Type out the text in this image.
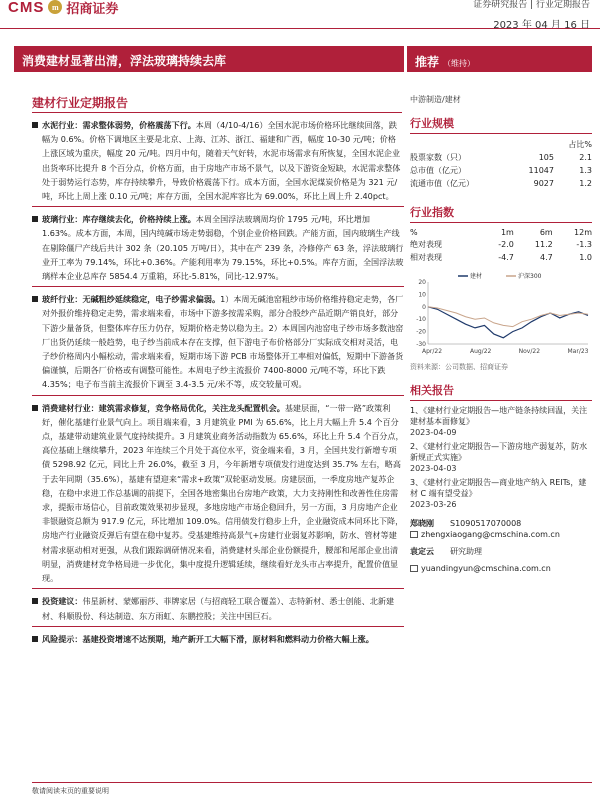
CMS m 招商证券	证券研究报告 | 行业定期报告
2023 年 04 月 16 日
消费建材显著出清，浮法玻璃持续去库	推荐 （维持）
建材行业定期报告
水泥行业：需求整体弱势，价格震荡下行。本周（4/10-4/16）全国水泥市场价格环比继续回落，跌幅为 0.6%。价格下调地区主要是北京、上海、江苏、浙江、福建和广西，幅度 10-30 元/吨；价格上涨区域为重庆，幅度 20 元/吨。四月中旬，随着天气好转，水泥市场需求有所恢复，全国水泥企业出货率环比提升 8 个百分点，价格方面，由于房地产市场不景气，以及下游资金短缺，水泥需求整体处于弱势运行态势，库存持续攀升，导致价格震荡下行。成本方面，全国水泥煤炭价格是为 321 元/吨，环比上周上涨 0.10 元/吨；库存方面，全国水泥库容比为 69.00%，环比上周上升 2.40pct。
玻璃行业：库存继续去化，价格持续上涨。本周全国浮法玻璃周均价 1795 元/吨，环比增加 1.63%。成本方面，本周，国内纯碱市场走势弱稳，个别企业价格回跌。产能方面，国内玻璃生产线在剔除僵尸产线后共计 302 条（20.105 万吨/日），其中在产 239 条，冷修停产 63 条，浮法玻璃行业开工率为 79.14%，环比+0.36%。产能利用率为 79.15%，环比+0.5%。库存方面，全国浮法玻璃样本企业总库存 5854.4 万重箱，环比-5.81%，同比-12.97%。
玻纤行业：无碱粗纱延续稳定，电子纱需求偏弱。1）本周无碱池窑粗纱市场价格维持稳定走势，各厂对外报价维持稳定走势，需求端来看，市场中下游多按需采购，部分合股纱产品近期产销良好，部分下游少量备货，但整体库存压力仍存，短期价格走势以稳为主。2）本周国内池窑电子纱市场多数池窑厂出货仍延续一般趋势，电子纱当前成本存在支撑，但下游电子布价格部分厂实际成交相对灵活，电子纱价格周内小幅松动，需求端来看，短期市场下游 PCB 市场整体开工率相对偏低，短期中下游备货偏谨慎，后期各厂价格或有调整可能性。本周电子纱主流报价 7400-8000 元/吨不等，环比下跌 4.35%；电子布当前主流报价下调至 3.4-3.5 元/米不等，成交较量可观。
消费建材行业：建筑需求修复，竞争格局优化，关注龙头配置机会。基建层面，“一带一路”政策利好，催化基建行业景气向上。项目端来看，3 月建筑业 PMI 为 65.6%，比上月大幅上升 5.4 个百分点，基建带动建筑业景气度持续提升。3 月建筑业商务活动指数为 65.6%，环比上升 5.4 个百分点，高位基础上继续攀升，2023 年连续三个月处于高位水平，资金端来看，3 月，全国共发行新增专项债 5298.92 亿元，同比上升 26.0%，截至 3 月，今年新增专项债发行进度达到 35.7% 左右，略高于去年同期（35.6%），基建有望迎来“需求+政策”双轮驱动发展。房建层面，一季度房地产复苏企稳，在稳中求进工作总基调的前提下，全国各地密集出台房地产政策，大力支持刚性和改善性住房需求，提振市场信心，目前政策效果初步显现，多地房地产市场企稳回升，另一方面，3 月房地产企业非银融资总额为 917.9 亿元，环比增加 109.0%。信用债发行稳步上升，企业融资成本同环比下降，房地产行业融资反弹后有望在稳中复苏。受基建维持高景气+房建行业弱复苏影响，防水、管材等建材需求驱动相对更强，从我们跟踪调研情况来看，消费建材头部企业份额提升，腰部和尾部企业出清明显，消费建材竞争格局进一步优化，集中度提升逻辑延续，继续看好龙头市占率提升，配置价值显现。
投资建议：伟星新材、蒙娜丽莎、菲牌家居（与招商轻工联合覆盖）、志特新材、悉士创能、北新建材、科顺股份、科达制造、东方雨虹、东鹏控股；关注中国巨石。
风险提示：基建投资增速不达预期，地产新开工大幅下滑，原材料和燃料动力价格大幅上涨。
中游制造/建材
行业规模
		占比%
股票家数（只）	105	2.1
总市值（亿元）	11047	1.3
流通市值（亿元）	9027	1.2
行业指数
%	1m	6m	12m
绝对表现	-2.0	11.2	-1.3
相对表现	-4.7	4.7	1.0
20
10
0
-10
-20
-30
建材	沪深300
Apr/22	Aug/22	Nov/22	Mar/23
资料来源：公司数据、招商证券
相关报告
1、《建材行业定期报告—地产链条持续回温，关注建材基本面修复》
2023-04-09
2、《建材行业定期报告—下游房地产弱复苏，防水新规正式实施》
2023-04-03
3、《建材行业定期报告—商业地产纳入 REITs，建材 C 端有望受益》
2023-03-26
郑晓刚 S1090517070008
zhengxiaogang@cmschina.com.cn
袁定云 研究助理
yuandingyun@cmschina.com.cn
敬请阅读末页的重要说明
